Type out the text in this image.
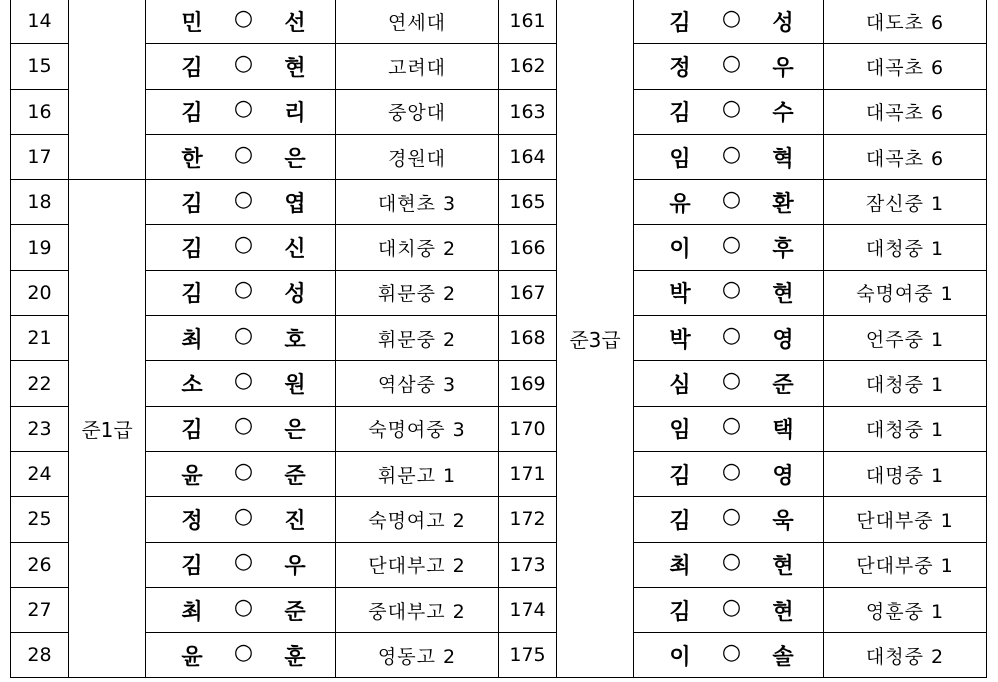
14		민 ○ 선	연세대	161	준3급	김 ○ 성	대도초 6
15		김 ○ 현	고려대	162		정 ○ 우	대곡초 6
16		김 ○ 리	중앙대	163		김 ○ 수	대곡초 6
17		한 ○ 은	경원대	164		임 ○ 혁	대곡초 6
18	준1급	김 ○ 엽	대현초 3	165		유 ○ 환	잠신중 1
19		김 ○ 신	대치중 2	166		이 ○ 후	대청중 1
20		김 ○ 성	휘문중 2	167		박 ○ 현	숙명여중 1
21		최 ○ 호	휘문중 2	168		박 ○ 영	언주중 1
22		소 ○ 원	역삼중 3	169		심 ○ 준	대청중 1
23		김 ○ 은	숙명여중 3	170		임 ○ 택	대청중 1
24		윤 ○ 준	휘문고 1	171		김 ○ 영	대명중 1
25		정 ○ 진	숙명여고 2	172		김 ○ 욱	단대부중 1
26		김 ○ 우	단대부고 2	173		최 ○ 현	단대부중 1
27		최 ○ 준	중대부고 2	174		김 ○ 현	영훈중 1
28		윤 ○ 훈	영동고 2	175		이 ○ 솔	대청중 2
